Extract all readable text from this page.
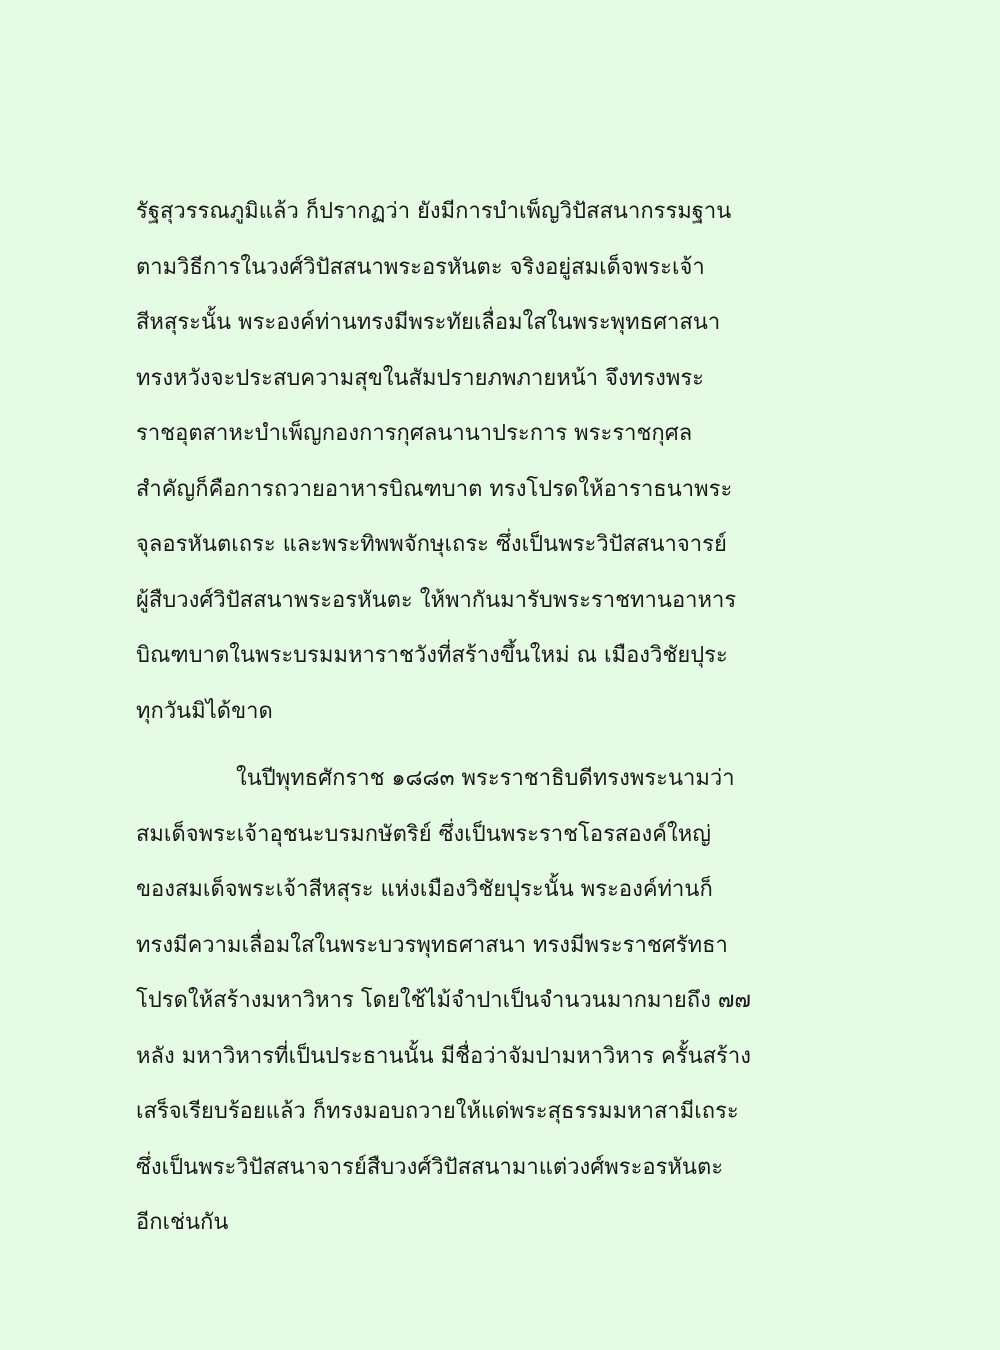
รัฐสุวรรณภูมิแล้ว ก็ปรากฏว่า ยังมีการบำเพ็ญวิปัสสนากรรมฐาน
ตามวิธีการในวงศ์วิปัสสนาพระอรหันตะ จริงอยู่สมเด็จพระเจ้า
สีหสุระนั้น พระองค์ท่านทรงมีพระทัยเลื่อมใสในพระพุทธศาสนา
ทรงหวังจะประสบความสุขในสัมปรายภพภายหน้า จึงทรงพระ
ราชอุตสาหะบำเพ็ญกองการกุศลนานาประการ พระราชกุศล
สำคัญก็คือการถวายอาหารบิณฑบาต ทรงโปรดให้อาราธนาพระ
จุลอรหันตเถระ และพระทิพพจักษุเถระ ซึ่งเป็นพระวิปัสสนาจารย์
ผู้สืบวงศ์วิปัสสนาพระอรหันตะ ให้พากันมารับพระราชทานอาหาร
บิณฑบาตในพระบรมมหาราชวังที่สร้างขึ้นใหม่ ณ เมืองวิชัยปุระ
ทุกวันมิได้ขาด
ในปีพุทธศักราช ๑๘๘๓ พระราชาธิบดีทรงพระนามว่า
สมเด็จพระเจ้าอุชนะบรมกษัตริย์ ซึ่งเป็นพระราชโอรสองค์ใหญ่
ของสมเด็จพระเจ้าสีหสุระ แห่งเมืองวิชัยปุระนั้น พระองค์ท่านก็
ทรงมีความเลื่อมใสในพระบวรพุทธศาสนา ทรงมีพระราชศรัทธา
โปรดให้สร้างมหาวิหาร โดยใช้ไม้จำปาเป็นจำนวนมากมายถึง ๗๗
หลัง มหาวิหารที่เป็นประธานนั้น มีชื่อว่าจัมปามหาวิหาร ครั้นสร้าง
เสร็จเรียบร้อยแล้ว ก็ทรงมอบถวายให้แด่พระสุธรรมมหาสามีเถระ
ซึ่งเป็นพระวิปัสสนาจารย์สืบวงศ์วิปัสสนามาแต่วงศ์พระอรหันตะ
อีกเช่นกัน
